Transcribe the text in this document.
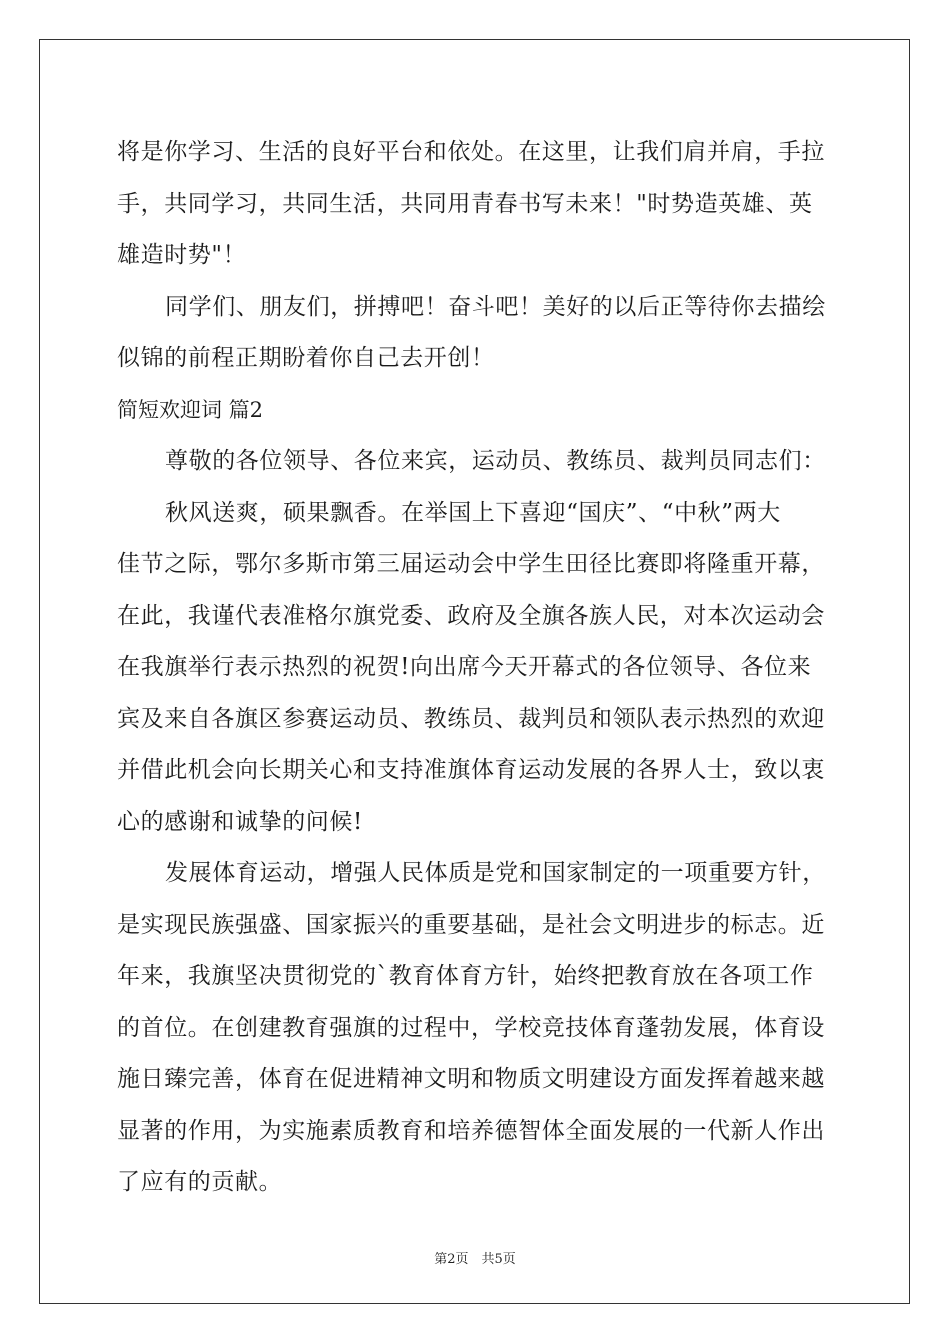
将是你学习、生活的良好平台和依处。在这里，让我们肩并肩，手拉
手，共同学习，共同生活，共同用青春书写未来！"时势造英雄、英
雄造时势"！
同学们、朋友们，拼搏吧！奋斗吧！美好的以后正等待你去描绘
似锦的前程正期盼着你自己去开创！
简短欢迎词 篇2
尊敬的各位领导、各位来宾，运动员、教练员、裁判员同志们：
秋风送爽，硕果飘香。在举国上下喜迎“国庆”、“中秋”两大
佳节之际，鄂尔多斯市第三届运动会中学生田径比赛即将隆重开幕，
在此，我谨代表准格尔旗党委、政府及全旗各族人民，对本次运动会
在我旗举行表示热烈的祝贺!向出席今天开幕式的各位领导、各位来
宾及来自各旗区参赛运动员、教练员、裁判员和领队表示热烈的欢迎
并借此机会向长期关心和支持准旗体育运动发展的各界人士，致以衷
心的感谢和诚挚的问候!
发展体育运动，增强人民体质是党和国家制定的一项重要方针，
是实现民族强盛、国家振兴的重要基础，是社会文明进步的标志。近
年来，我旗坚决贯彻党的`教育体育方针，始终把教育放在各项工作
的首位。在创建教育强旗的过程中，学校竞技体育蓬勃发展，体育设
施日臻完善，体育在促进精神文明和物质文明建设方面发挥着越来越
显著的作用，为实施素质教育和培养德智体全面发展的一代新人作出
了应有的贡献。
第2页　共5页
